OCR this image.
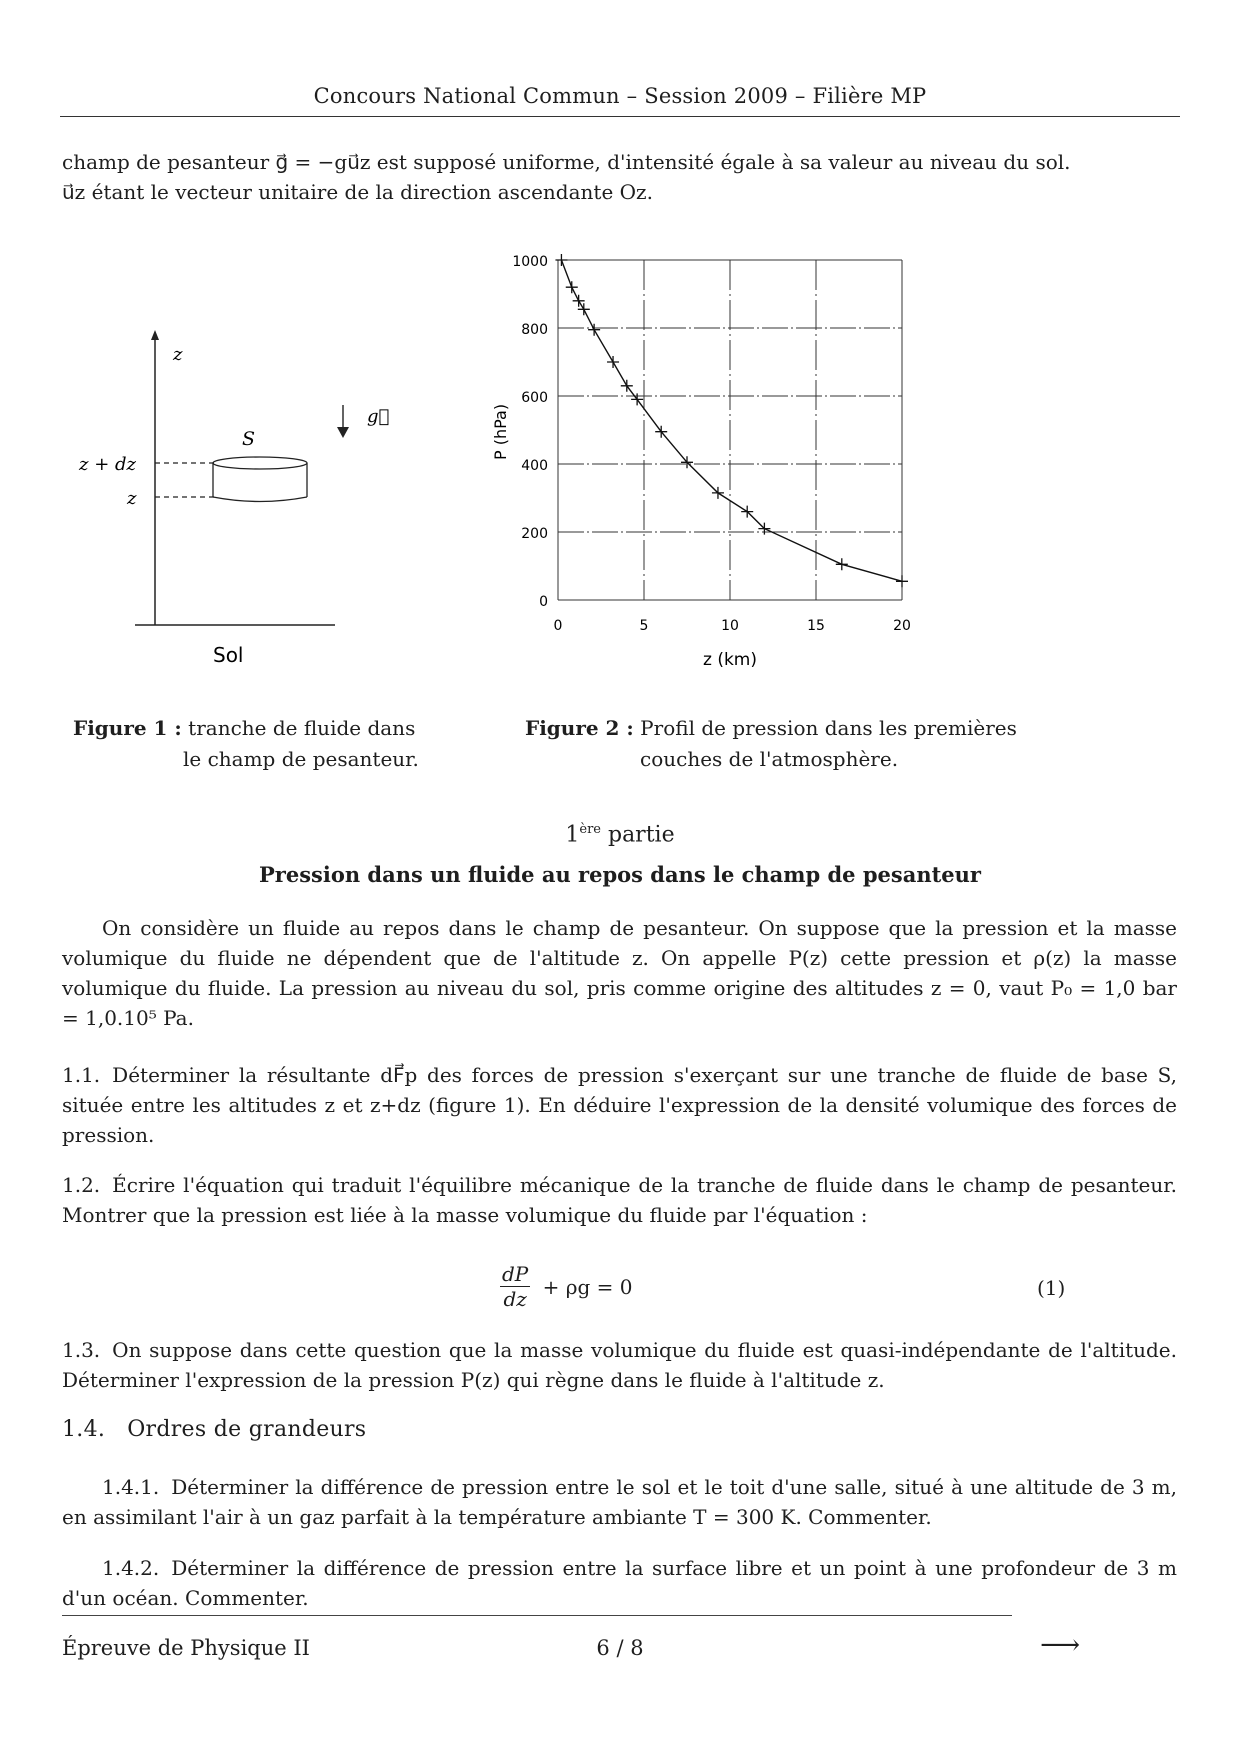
Concours National Commun – Session 2009 – Filière MP
champ de pesanteur g⃗ = −gu⃗z est supposé uniforme, d'intensité égale à sa valeur au niveau du sol.
u⃗z étant le vecteur unitaire de la direction ascendante Oz.
z
z + dz
z
S
g⃗
Sol
P (hPa)
z (km)
0
200
400
600
800
1000
0	5	10	15	20
Figure 1 : tranche de fluide dans
le champ de pesanteur.
Figure 2 : Profil de pression dans les premières
couches de l'atmosphère.
1ère partie
Pression dans un fluide au repos dans le champ de pesanteur
On considère un fluide au repos dans le champ de pesanteur. On suppose que la pression et la masse volumique du fluide ne dépendent que de l'altitude z. On appelle P(z) cette pression et ρ(z) la masse volumique du fluide. La pression au niveau du sol, pris comme origine des altitudes z = 0, vaut P₀ = 1,0 bar = 1,0.10⁵ Pa.
1.1. Déterminer la résultante dF⃗p des forces de pression s'exerçant sur une tranche de fluide de base S, située entre les altitudes z et z+dz (figure 1). En déduire l'expression de la densité volumique des forces de pression.
1.2. Écrire l'équation qui traduit l'équilibre mécanique de la tranche de fluide dans le champ de pesanteur. Montrer que la pression est liée à la masse volumique du fluide par l'équation :
$\frac{dP}{dz} + \rho g = 0$	(1)
1.3. On suppose dans cette question que la masse volumique du fluide est quasi-indépendante de l'altitude. Déterminer l'expression de la pression P(z) qui règne dans le fluide à l'altitude z.
1.4. Ordres de grandeurs
1.4.1. Déterminer la différence de pression entre le sol et le toit d'une salle, situé à une altitude de 3 m, en assimilant l'air à un gaz parfait à la température ambiante T = 300 K. Commenter.
1.4.2. Déterminer la différence de pression entre la surface libre et un point à une profondeur de 3 m d'un océan. Commenter.
Épreuve de Physique II	6 / 8	⟶
